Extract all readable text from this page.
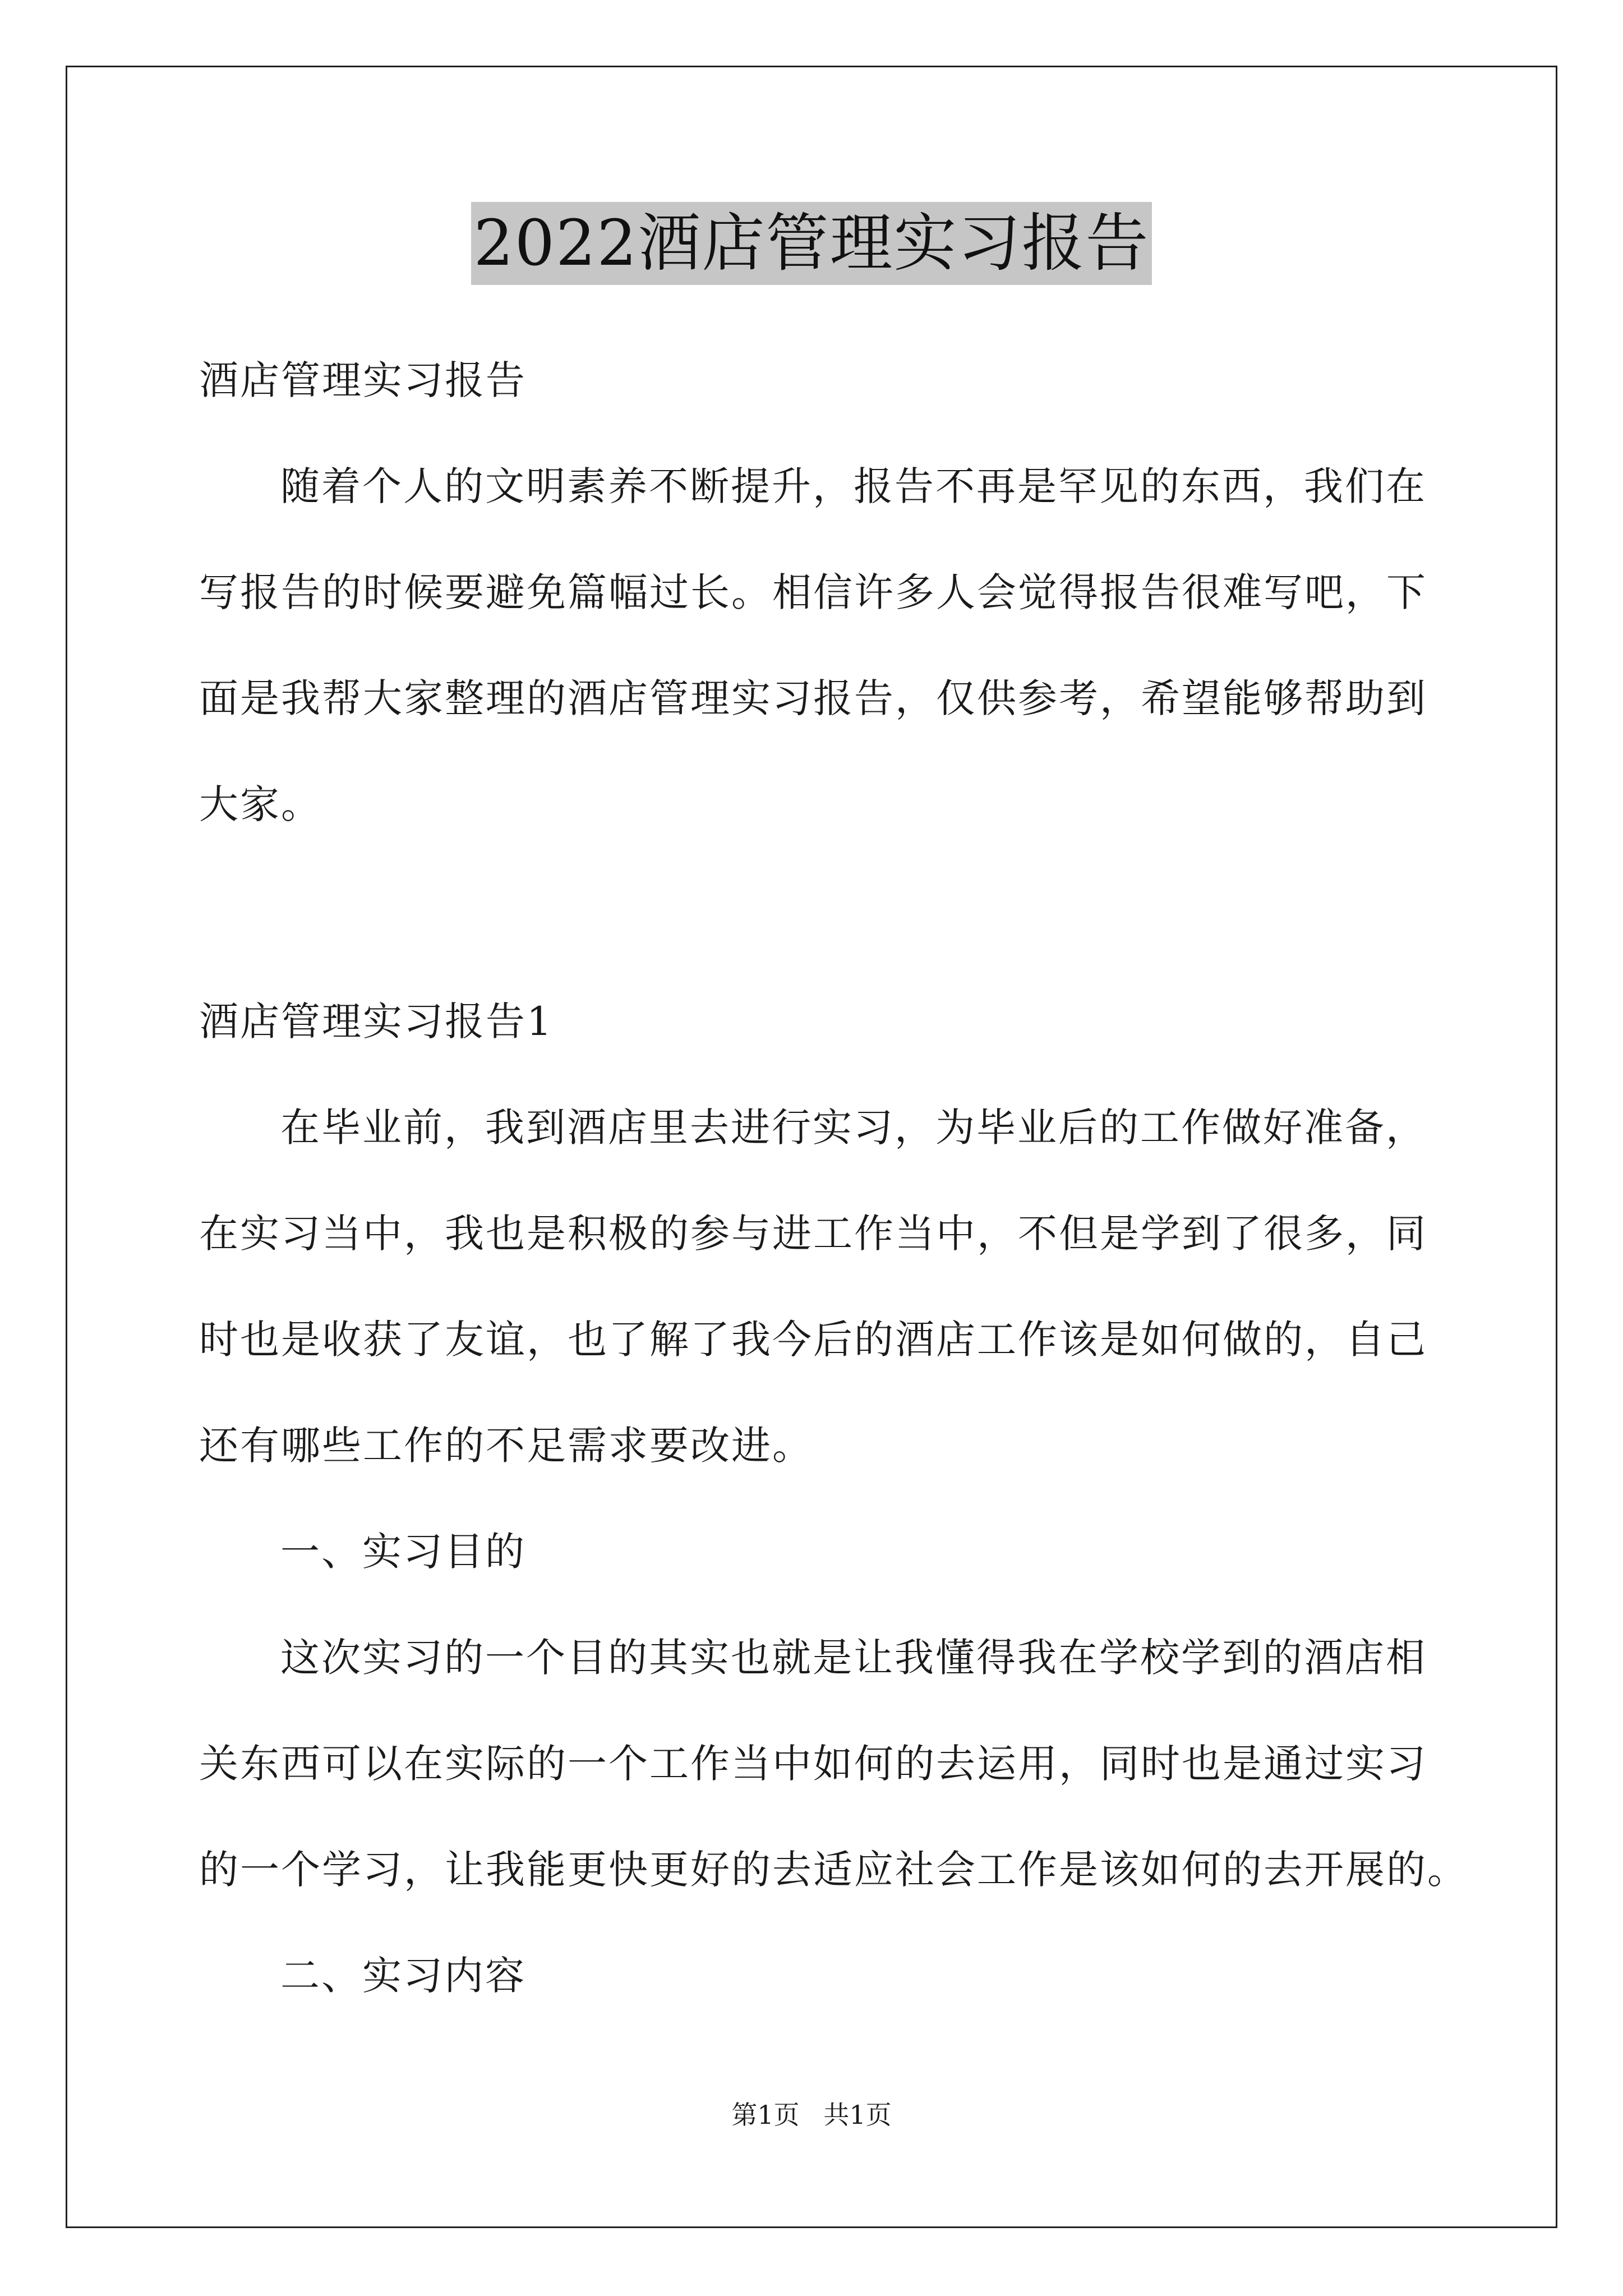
2022酒店管理实习报告
酒店管理实习报告
随着个人的文明素养不断提升，报告不再是罕见的东西，我们在
写报告的时候要避免篇幅过长。相信许多人会觉得报告很难写吧，下
面是我帮大家整理的酒店管理实习报告，仅供参考，希望能够帮助到
大家。
酒店管理实习报告1
在毕业前，我到酒店里去进行实习，为毕业后的工作做好准备，
在实习当中，我也是积极的参与进工作当中，不但是学到了很多，同
时也是收获了友谊，也了解了我今后的酒店工作该是如何做的，自己
还有哪些工作的不足需求要改进。
一、实习目的
这次实习的一个目的其实也就是让我懂得我在学校学到的酒店相
关东西可以在实际的一个工作当中如何的去运用，同时也是通过实习
的一个学习，让我能更快更好的去适应社会工作是该如何的去开展的。
二、实习内容
第1页 共1页
